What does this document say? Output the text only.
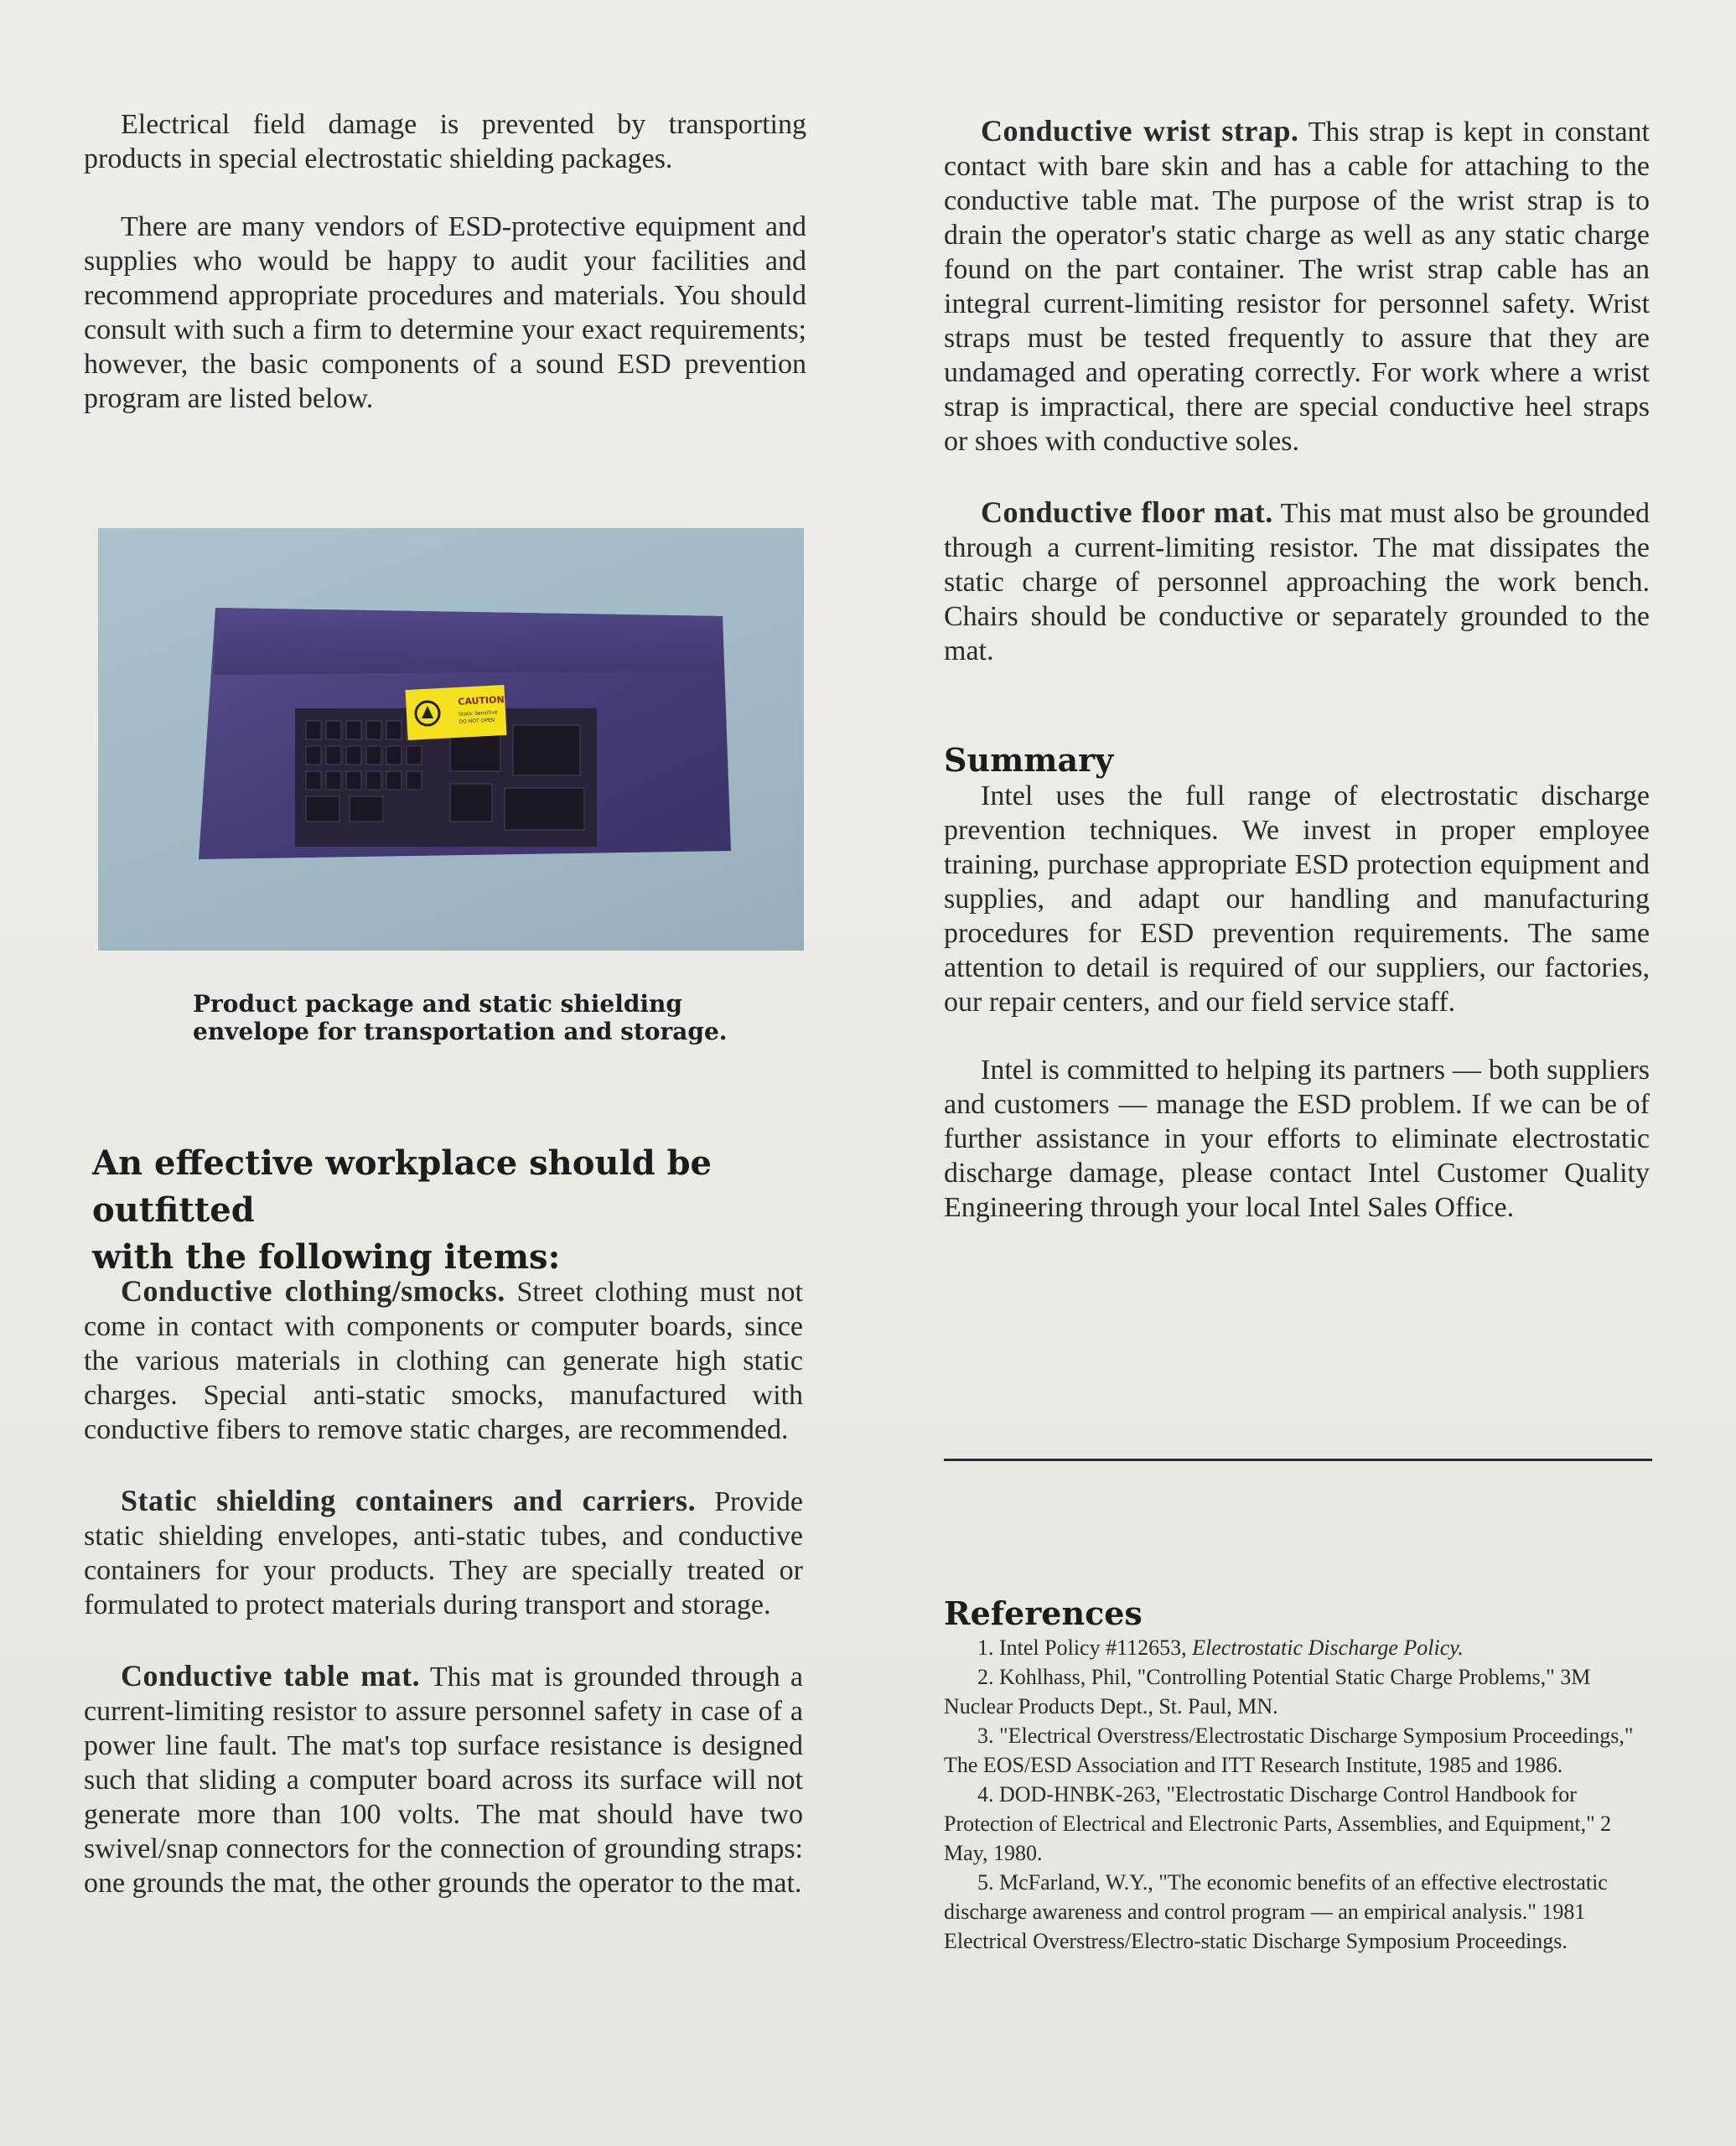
Electrical field damage is prevented by transporting products in special electrostatic shielding packages.

There are many vendors of ESD-protective equipment and supplies who would be happy to audit your facilities and recommend appropriate procedures and materials. You should consult with such a firm to determine your exact requirements; however, the basic components of a sound ESD prevention program are listed below.

CAUTION
Static Sensitive
DO NOT OPEN
Product package and static shielding
envelope for transportation and storage.
An effective workplace should be outfitted
with the following items:

Conductive clothing/smocks. Street clothing must not come in contact with components or computer boards, since the various materials in clothing can generate high static charges. Special anti-static smocks, manufactured with conductive fibers to remove static charges, are recommended.

Static shielding containers and carriers. Provide static shielding envelopes, anti-static tubes, and conductive containers for your products. They are specially treated or formulated to protect materials during transport and storage.

Conductive table mat. This mat is grounded through a current-limiting resistor to assure personnel safety in case of a power line fault. The mat's top surface resistance is designed such that sliding a computer board across its surface will not generate more than 100 volts. The mat should have two swivel/snap connectors for the connection of grounding straps: one grounds the mat, the other grounds the operator to the mat.

Conductive wrist strap. This strap is kept in constant contact with bare skin and has a cable for attaching to the conductive table mat. The purpose of the wrist strap is to drain the operator's static charge as well as any static charge found on the part container. The wrist strap cable has an integral current-limiting resistor for personnel safety. Wrist straps must be tested frequently to assure that they are undamaged and operating correctly. For work where a wrist strap is impractical, there are special conductive heel straps or shoes with conductive soles.

Conductive floor mat. This mat must also be grounded through a current-limiting resistor. The mat dissipates the static charge of personnel approaching the work bench. Chairs should be conductive or separately grounded to the mat.

Summary

Intel uses the full range of electrostatic discharge prevention techniques. We invest in proper employee training, purchase appropriate ESD protection equipment and supplies, and adapt our handling and manufacturing procedures for ESD prevention requirements. The same attention to detail is required of our suppliers, our factories, our repair centers, and our field service staff.

Intel is committed to helping its partners — both suppliers and customers — manage the ESD problem. If we can be of further assistance in your efforts to eliminate electrostatic discharge damage, please contact Intel Customer Quality Engineering through your local Intel Sales Office.

References

1. Intel Policy #112653, Electrostatic Discharge Policy.

2. Kohlhass, Phil, "Controlling Potential Static Charge Problems," 3M Nuclear Products Dept., St. Paul, MN.

3. "Electrical Overstress/Electrostatic Discharge Symposium Proceedings," The EOS/ESD Association and ITT Research Institute, 1985 and 1986.

4. DOD-HNBK-263, "Electrostatic Discharge Control Handbook for Protection of Electrical and Electronic Parts, Assemblies, and Equipment," 2 May, 1980.

5. McFarland, W.Y., "The economic benefits of an effective electrostatic discharge awareness and control program — an empirical analysis." 1981 Electrical Overstress/Electro-static Discharge Symposium Proceedings.
